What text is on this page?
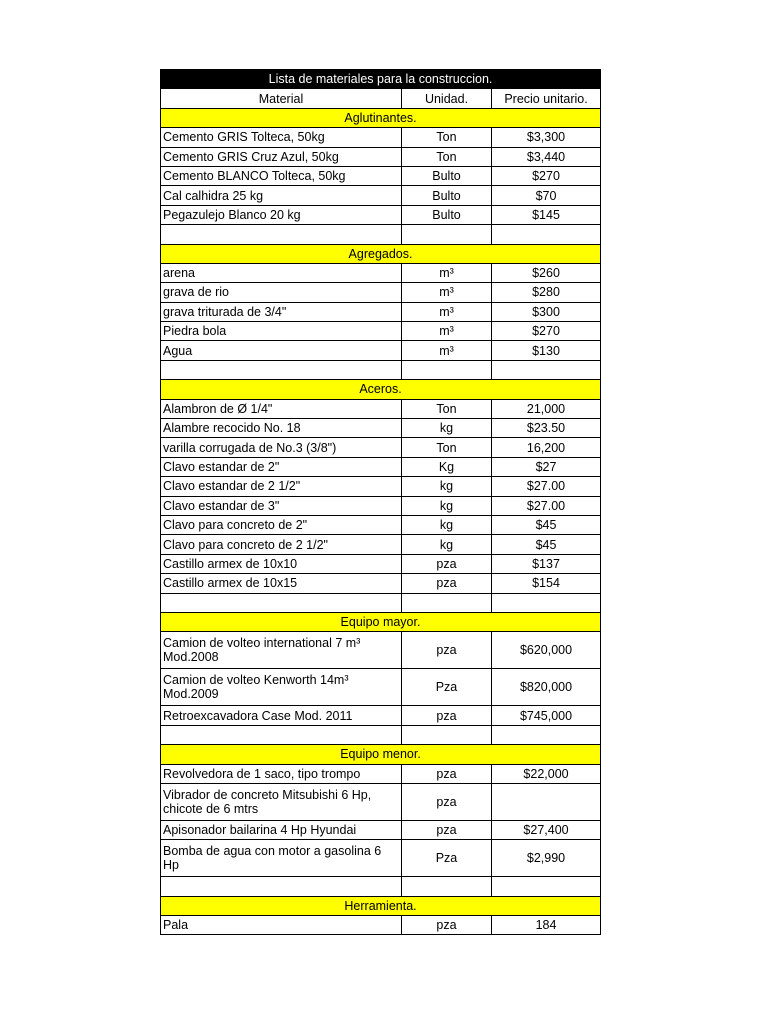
Lista de materiales para la construccion.		
Material	Unidad.	Precio unitario.
Aglutinantes.		
Cemento GRIS Tolteca, 50kg	Ton	$3,300
Cemento GRIS Cruz Azul, 50kg	Ton	$3,440
Cemento BLANCO Tolteca, 50kg	Bulto	$270
Cal calhidra 25 kg	Bulto	$70
Pegazulejo Blanco 20 kg	Bulto	$145

Agregados.		
arena	m³	$260
grava de rio	m³	$280
grava triturada de 3/4"	m³	$300
Piedra bola	m³	$270
Agua	m³	$130

Aceros.		
Alambron de Ø 1/4"	Ton	21,000
Alambre recocido No. 18	kg	$23.50
varilla corrugada de No.3 (3/8")	Ton	16,200
Clavo estandar de 2"	Kg	$27
Clavo estandar de 2 1/2"	kg	$27.00
Clavo estandar de 3"	kg	$27.00
Clavo para concreto de 2"	kg	$45
Clavo para concreto de 2 1/2"	kg	$45
Castillo armex de 10x10	pza	$137
Castillo armex de 10x15	pza	$154

Equipo mayor.		
Camion de volteo international 7 m³ Mod.2008	pza	$620,000
Camion de volteo Kenworth 14m³ Mod.2009	Pza	$820,000
Retroexcavadora Case Mod. 2011	pza	$745,000

Equipo menor.		
Revolvedora de 1 saco, tipo trompo	pza	$22,000
Vibrador de concreto Mitsubishi 6 Hp, chicote de 6 mtrs	pza	
Apisonador bailarina 4 Hp Hyundai	pza	$27,400
Bomba de agua con motor a gasolina 6 Hp	Pza	$2,990

Herramienta.		
Pala	pza	184
